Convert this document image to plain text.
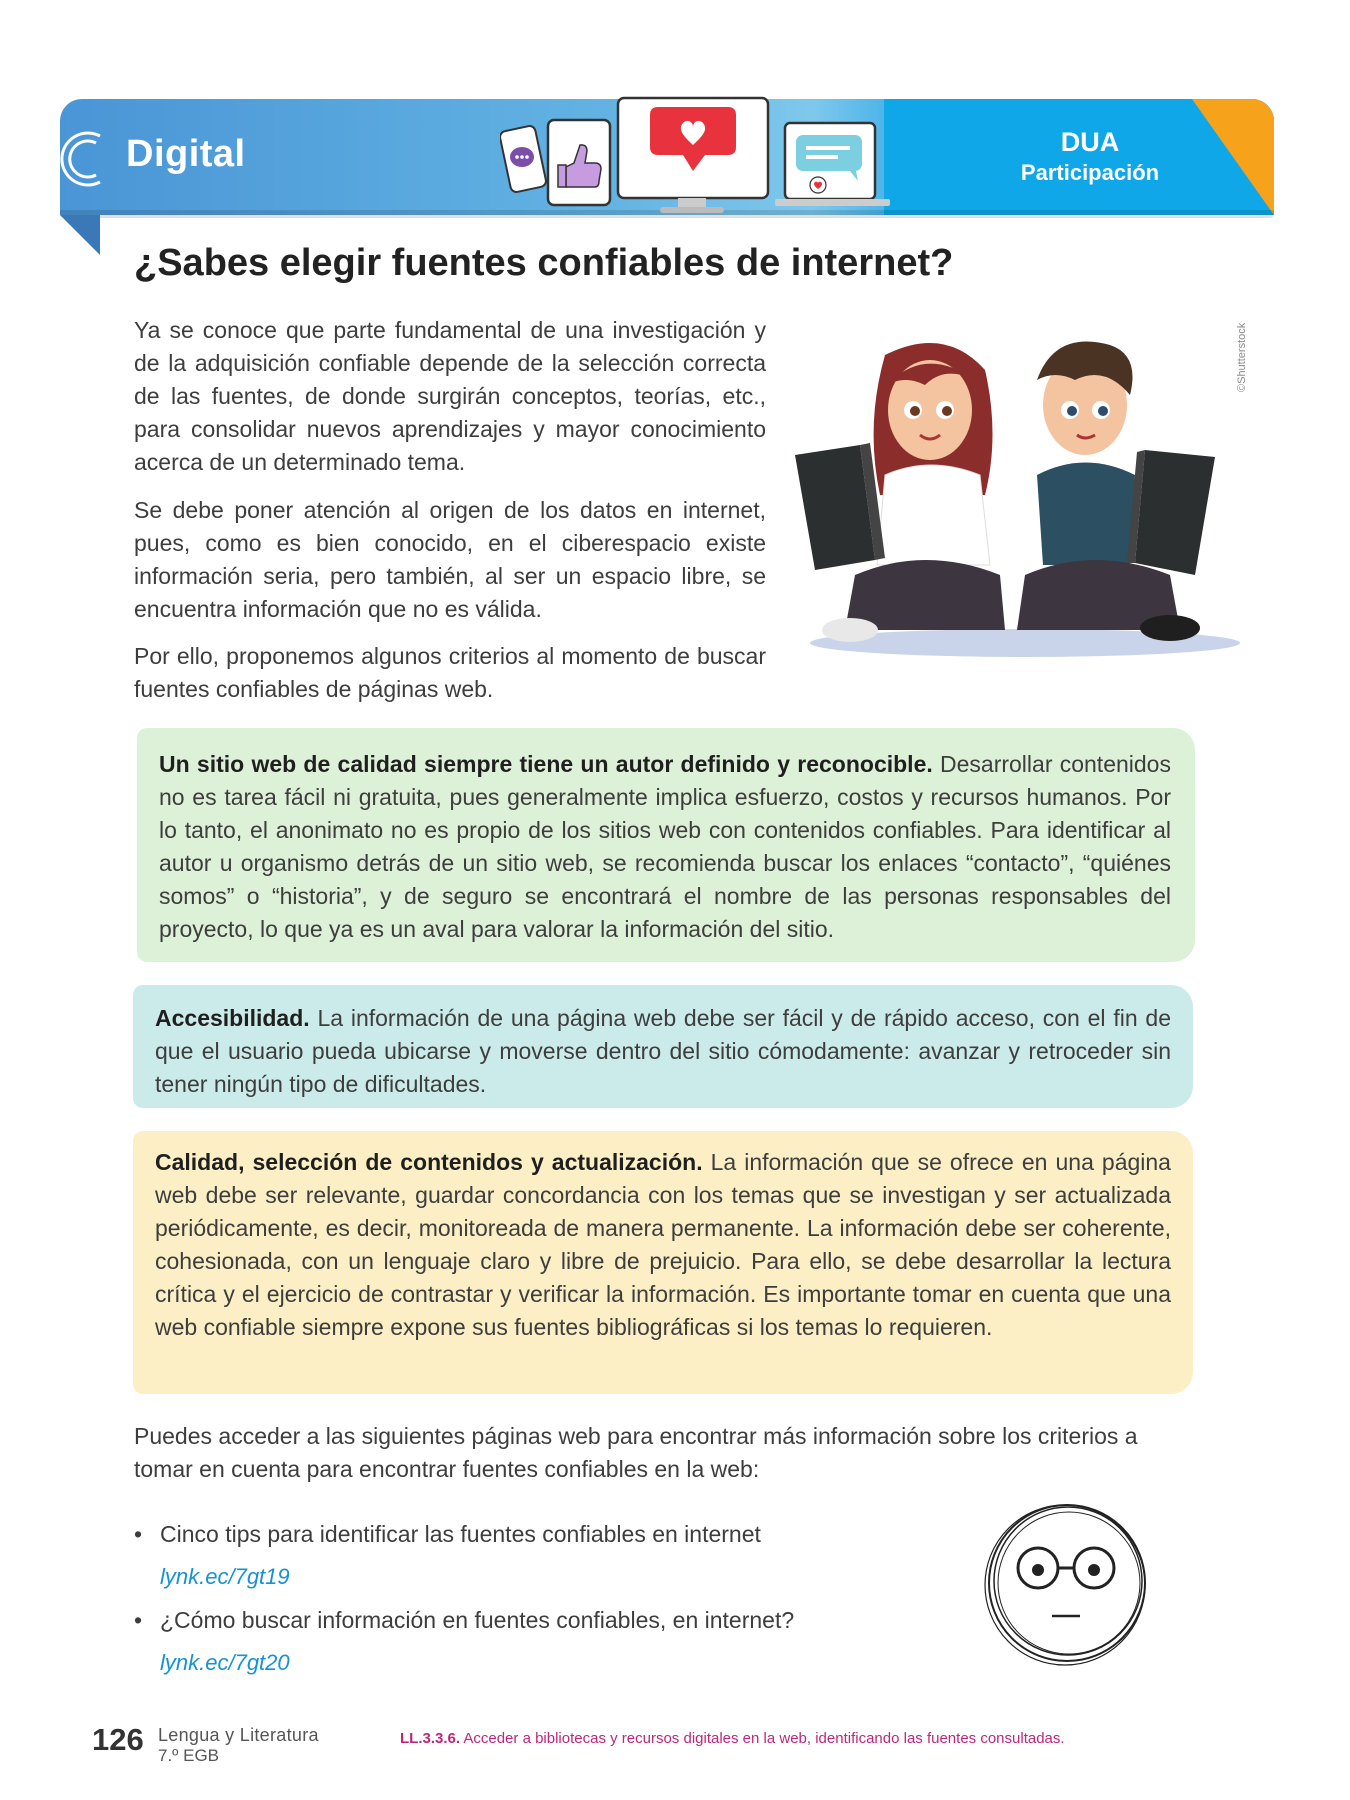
Digital	DUA
Participación
¿Sabes elegir fuentes confiables de internet?

Ya se conoce que parte fundamental de una investigación y de la adquisición confiable depende de la selección correcta de las fuentes, de donde surgirán conceptos, teorías, etc., para consolidar nuevos aprendizajes y mayor conocimiento acerca de un determinado tema.

Se debe poner atención al origen de los datos en internet, pues, como es bien conocido, en el ciberespacio existe información seria, pero también, al ser un espacio libre, se encuentra información que no es válida.

Por ello, proponemos algunos criterios al momento de buscar fuentes confiables de páginas web.

©Shutterstock
Un sitio web de calidad siempre tiene un autor definido y reconocible. Desarrollar contenidos no es tarea fácil ni gratuita, pues generalmente implica esfuerzo, costos y recursos humanos. Por lo tanto, el anonimato no es propio de los sitios web con contenidos confiables. Para identificar al autor u organismo detrás de un sitio web, se recomienda buscar los enlaces “contacto”, “quiénes somos” o “historia”, y de seguro se encontrará el nombre de las personas responsables del proyecto, lo que ya es un aval para valorar la información del sitio.
Accesibilidad. La información de una página web debe ser fácil y de rápido acceso, con el fin de que el usuario pueda ubicarse y moverse dentro del sitio cómodamente: avanzar y retroceder sin tener ningún tipo de dificultades.
Calidad, selección de contenidos y actualización. La información que se ofrece en una página web debe ser relevante, guardar concordancia con los temas que se investigan y ser actualizada periódicamente, es decir, monitoreada de manera permanente. La información debe ser coherente, cohesionada, con un lenguaje claro y libre de prejuicio. Para ello, se debe desarrollar la lectura crítica y el ejercicio de contrastar y verificar la información. Es importante tomar en cuenta que una web confiable siempre expone sus fuentes bibliográficas si los temas lo requieren.
Puedes acceder a las siguientes páginas web para encontrar más información sobre los criterios a tomar en cuenta para encontrar fuentes confiables en la web:
• Cinco tips para identificar las fuentes confiables en internet
lynk.ec/7gt19
• ¿Cómo buscar información en fuentes confiables, en internet?
lynk.ec/7gt20
126 Lengua y Literatura
7.º EGB
LL.3.3.6. Acceder a bibliotecas y recursos digitales en la web, identificando las fuentes consultadas.
